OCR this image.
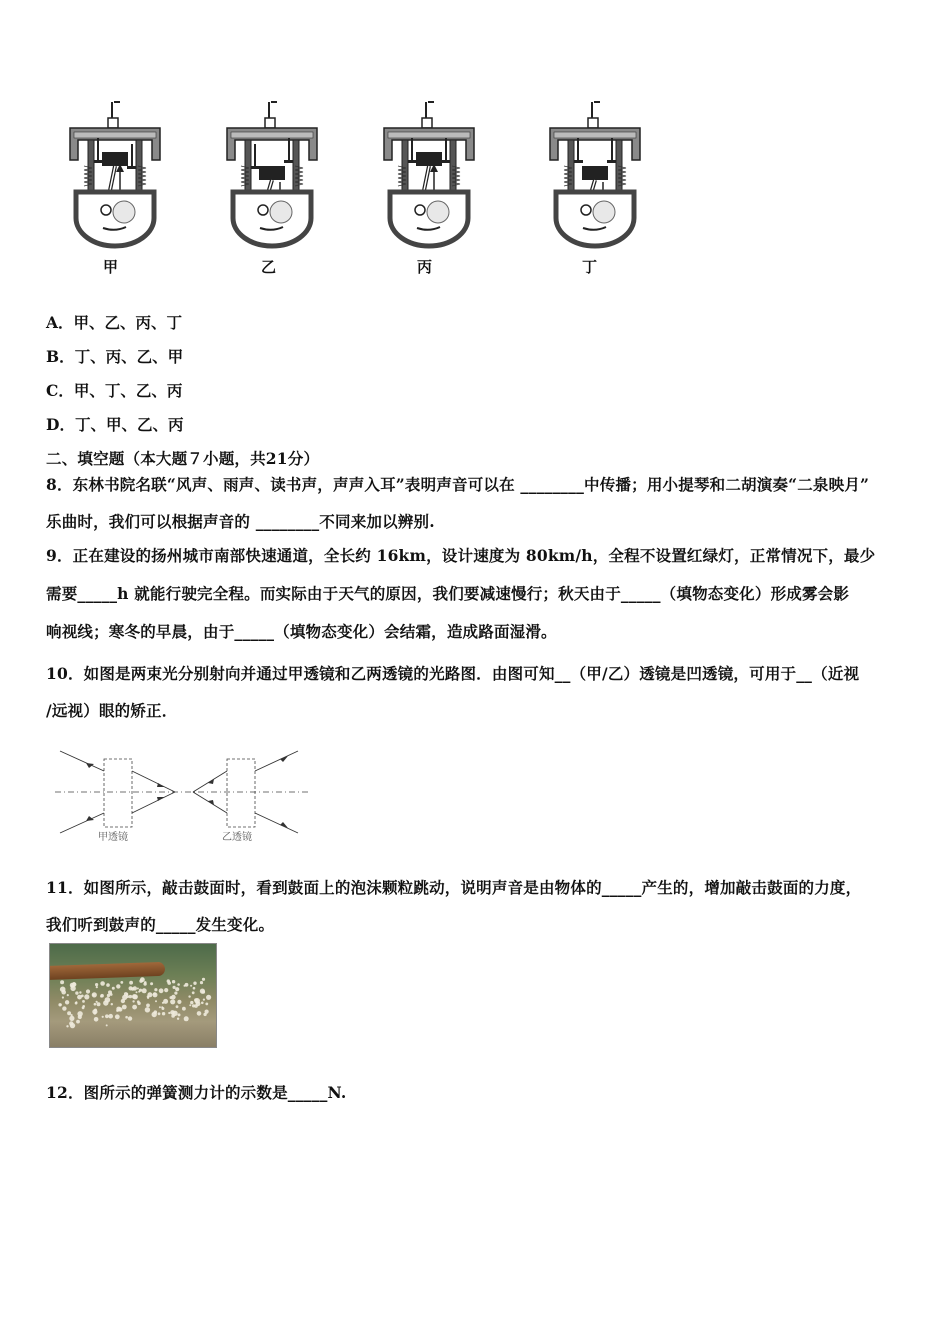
甲	乙	丙	丁
A．甲、乙、丙、丁
B．丁、丙、乙、甲
C．甲、丁、乙、丙
D．丁、甲、乙、丙
二、填空题（本大题７小题，共21分）
8．东林书院名联“风声、雨声、读书声，声声入耳”表明声音可以在 ________中传播；用小提琴和二胡演奏“二泉映月”
乐曲时，我们可以根据声音的 ________不同来加以辨别.
9．正在建设的扬州城市南部快速通道，全长约 16km，设计速度为 80km/h，全程不设置红绿灯，正常情况下，最少
需要_____h 就能行驶完全程。而实际由于天气的原因，我们要减速慢行；秋天由于_____（填物态变化）形成雾会影
响视线；寒冬的早晨，由于_____（填物态变化）会结霜，造成路面湿滑。
10．如图是两束光分别射向并通过甲透镜和乙两透镜的光路图．由图可知__（甲/乙）透镜是凹透镜，可用于__（近视
/远视）眼的矫正．
甲透镜	乙透镜
11．如图所示，敲击鼓面时，看到鼓面上的泡沫颗粒跳动，说明声音是由物体的_____产生的，增加敲击鼓面的力度，
我们听到鼓声的_____发生变化。
12．图所示的弹簧测力计的示数是_____N.
